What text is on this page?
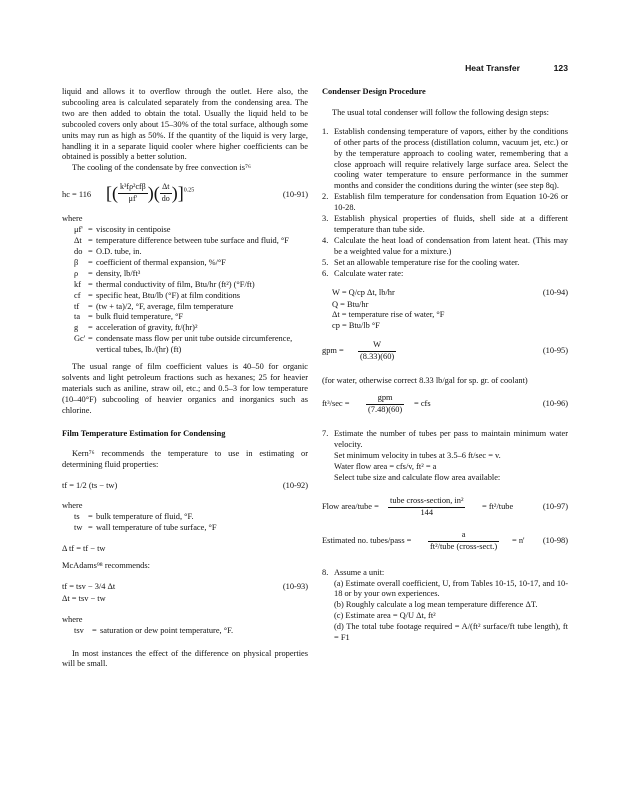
Heat Transfer	123

liquid and allows it to overflow through the outlet. Here also, the subcooling area is calculated separately from the condensing area. The two are then added to obtain the total. Usually the liquid held to be subcooled covers only about 15–30% of the total surface, although some units may run as high as 50%. If the quantity of the liquid is very large, handling it in a separate liquid cooler where higher coefficients can be obtained is possibly a better solution.

The cooling of the condensate by free convection is⁷⁶

hc = 116 [( $\frac{\text{k³fρ²cfβ}}{\mu f'}$ )( $\frac{\Delta t}{do} )]^{0.25}$	(10-91)

where

μf' = viscosity in centipoise
Δt = temperature difference between tube surface and fluid, °F
do = O.D. tube, in.
β	= coefficient of thermal expansion, %/°F
ρ	= density, lb/ft³
kf = thermal conductivity of film, Btu/hr (ft²) (°F/ft)
cf = specific heat, Btu/lb (°F) at film conditions
tf	= (tw + ta)/2, °F, average, film temperature
ta = bulk fluid temperature, °F
g	= acceleration of gravity, ft/(hr)²
Gc' = condensate mass flow per unit tube outside circumference, vertical tubes, lb./(hr) (ft)

The usual range of film coefficient values is 40–50 for organic solvents and light petroleum fractions such as hexanes; 25 for heavier materials such as aniline, straw oil, etc.; and 0.5–3 for low temperature (10–40°F) subcooling of heavier organics and inorganics such as chlorine.

Film Temperature Estimation for Condensing

Kern⁷⁶ recommends the temperature to use in estimating or determining fluid properties:

tf = 1/2 (ts − tw)	(10-92)

where

ts	= bulk temperature of fluid, °F.
tw = wall temperature of tube surface, °F

Δ tf = tf − tw

McAdams⁹⁸ recommends:

tf = tsv − 3/4 Δt	(10-93)

Δt = tsv − tw

where

tsv = saturation or dew point temperature, °F.

In most instances the effect of the difference on physical properties will be small.

Condenser Design Procedure

The usual total condenser will follow the following design steps:

1. Establish condensing temperature of vapors, either by the conditions of other parts of the process (distillation column, vacuum jet, etc.) or by the temperature approach to cooling water, remembering that a close approach will require relatively large surface area. Select the cooling water temperature to ensure performance in the summer months and consider the conditions during the winter (see step 8q).
2. Establish film temperature for condensation from Equation 10-26 or 10-28.
3. Establish physical properties of fluids, shell side at a different temperature than tube side.
4. Calculate the heat load of condensation from latent heat. (This may be a weighted value for a mixture.)
5. Set an allowable temperature rise for the cooling water.
6. Calculate water rate:
W = Q/cp Δt, lb/hr	(10-94)

Q = Btu/hr

Δt = temperature rise of water, °F

cp = Btu/lb °F

gpm = $\frac{W}{(8.33)(60)}$	(10-95)

(for water, otherwise correct 8.33 lb/gal for sp. gr. of coolant)

ft³/sec =
gpm
(7.48)(60)
= cfs	(10-96)
7. Estimate the number of tubes per pass to maintain minimum water velocity.

Set minimum velocity in tubes at 3.5–6 ft/sec = v.

Water flow area = cfs/v, ft² = a

Select tube size and calculate flow area available:

Flow area/tube =
tube cross-section, in²
144
= ft²/tube	(10-97)
Estimated no. tubes/pass =
a
ft²/tube (cross-sect.)
= n' (10-98)
8. Assume a unit:

(a) Estimate overall coefficient, U, from Tables 10-15, 10-17, and 10-18 or by your own experiences.

(b) Roughly calculate a log mean temperature difference ΔT.

(c) Estimate area = Q/U Δt, ft²

(d) The total tube footage required = A/(ft² surface/ft tube length), ft = F1
